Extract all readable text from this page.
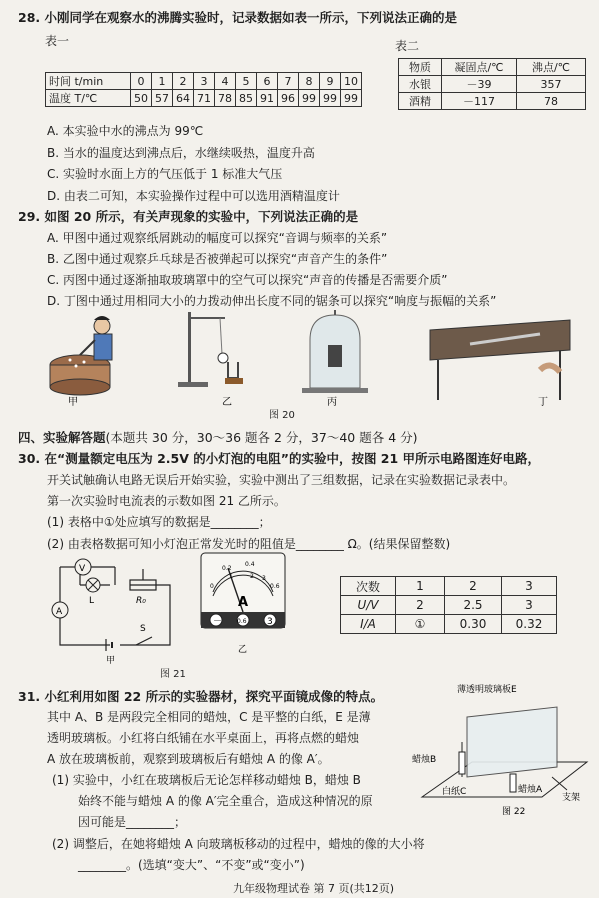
28. 小刚同学在观察水的沸腾实验时，记录数据如表一所示，下列说法正确的是
表一	表二
时间 t/min	0	1	2	3	4	5	6	7	8	9	10
温度 T/℃	50	57	64	71	78	85	91	96	99	99	99
物质	凝固点/℃	沸点/℃
水银	－39	357
酒精	－117	78
A. 本实验中水的沸点为 99℃
B. 当水的温度达到沸点后，水继续吸热，温度升高
C. 实验时水面上方的气压低于 1 标准大气压
D. 由表二可知，本实验操作过程中可以选用酒精温度计
29. 如图 20 所示，有关声现象的实验中，下列说法正确的是
A. 甲图中通过观察纸屑跳动的幅度可以探究“音调与频率的关系”
B. 乙图中通过观察乒乓球是否被弹起可以探究“声音产生的条件”
C. 丙图中通过逐渐抽取玻璃罩中的空气可以探究“声音的传播是否需要介质”
D. 丁图中通过用相同大小的力拨动伸出长度不同的锯条可以探究“响度与振幅的关系”
甲	乙	丙	丁
图 20
四、实验解答题(本题共 30 分，30～36 题各 2 分，37～40 题各 4 分)
30. 在“测量额定电压为 2.5V 的小灯泡的电阻”的实验中，按图 21 甲所示电路图连好电路，
开关试触确认电路无误后开始实验，实验中测出了三组数据，记录在实验数据记录表中。
第一次实验时电流表的示数如图 21 乙所示。
(1) 表格中①处应填写的数据是________；
(2) 由表格数据可知小灯泡正常发光时的阻值是________ Ω。(结果保留整数)
V
L	R₀
A
S
甲
0
0.2
0.4
0.6
1	2 3
A
－ 0.6 3
乙
图 21
次数	1	2	3
U/V	2	2.5	3
I/A	①	0.30	0.32
31. 小红利用如图 22 所示的实验器材，探究平面镜成像的特点。
其中 A、B 是两段完全相同的蜡烛，C 是平整的白纸，E 是薄
透明玻璃板。小红将白纸铺在水平桌面上，再将点燃的蜡烛
A 放在玻璃板前，观察到玻璃板后有蜡烛 A 的像 A′。
(1) 实验中，小红在玻璃板后无论怎样移动蜡烛 B，蜡烛 B
始终不能与蜡烛 A 的像 A′完全重合，造成这种情况的原
因可能是________；
(2) 调整后，在她将蜡烛 A 向玻璃板移动的过程中，蜡烛的像的大小将
________。(选填“变大”、“不变”或“变小”)
薄透明玻璃板E
蜡烛B
白纸C	蜡烛A
支架
图 22
九年级物理试卷 第 7 页(共12页)
